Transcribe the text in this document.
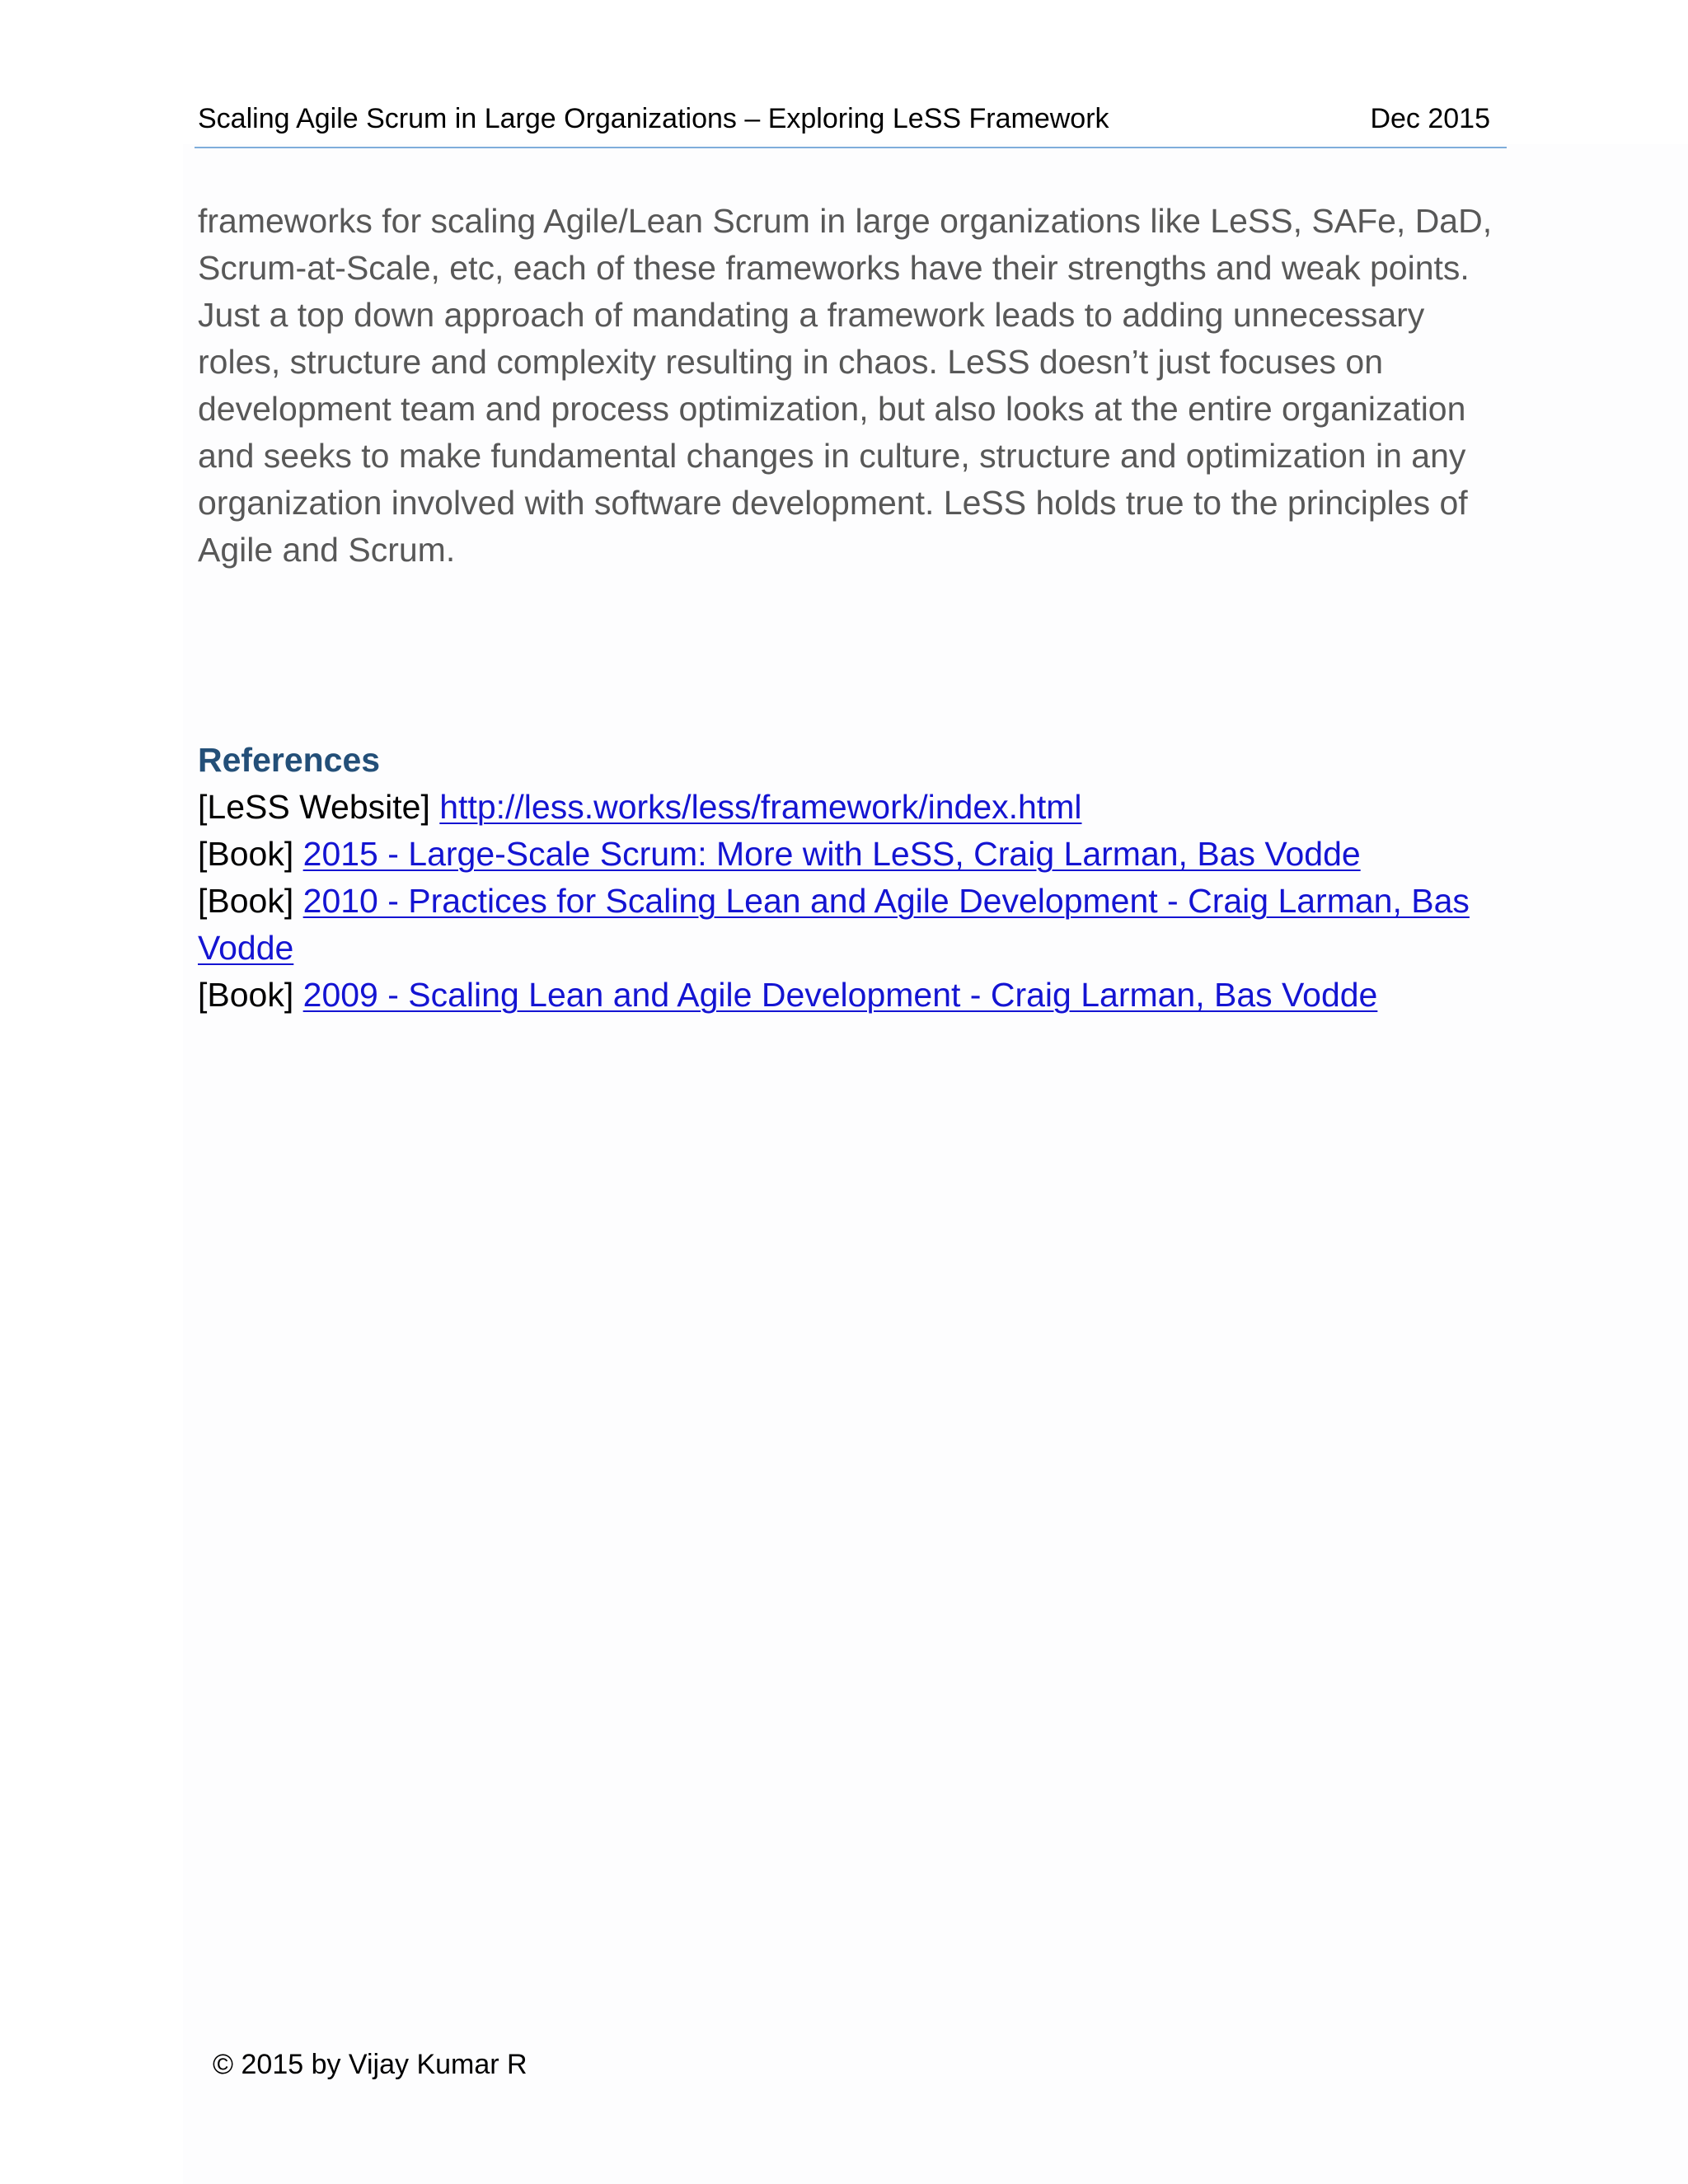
Scaling Agile Scrum in Large Organizations – Exploring LeSS Framework	Dec 2015

frameworks for scaling Agile/Lean Scrum in large organizations like LeSS, SAFe, DaD, Scrum-at-Scale, etc, each of these frameworks have their strengths and weak points. Just a top down approach of mandating a framework leads to adding unnecessary roles, structure and complexity resulting in chaos. LeSS doesn’t just focuses on development team and process optimization, but also looks at the entire organization and seeks to make fundamental changes in culture, structure and optimization in any organization involved with software development. LeSS holds true to the principles of Agile and Scrum.

References
[LeSS Website] http://less.works/less/framework/index.html
[Book] 2015 - Large-Scale Scrum: More with LeSS, Craig Larman, Bas Vodde
[Book] 2010 - Practices for Scaling Lean and Agile Development - Craig Larman, Bas Vodde
[Book] 2009 - Scaling Lean and Agile Development - Craig Larman, Bas Vodde
© 2015 by Vijay Kumar R
